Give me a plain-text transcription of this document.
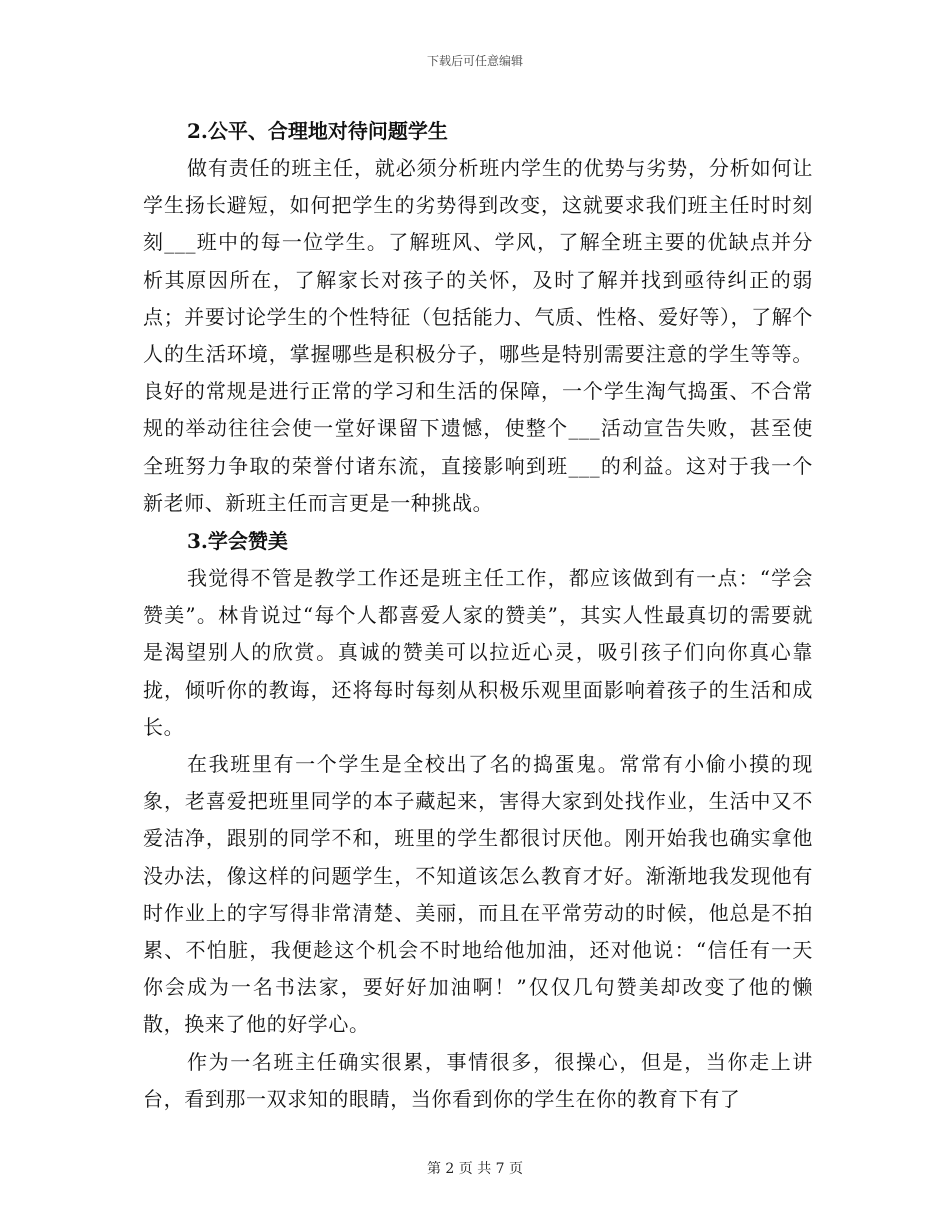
下载后可任意编辑
2.公平、合理地对待问题学生

做有责任的班主任，就必须分析班内学生的优势与劣势，分析如何让学生扬长避短，如何把学生的劣势得到改变，这就要求我们班主任时时刻刻___班中的每一位学生。了解班风、学风，了解全班主要的优缺点并分析其原因所在，了解家长对孩子的关怀，及时了解并找到亟待纠正的弱点；并要讨论学生的个性特征（包括能力、气质、性格、爱好等），了解个人的生活环境，掌握哪些是积极分子，哪些是特别需要注意的学生等等。良好的常规是进行正常的学习和生活的保障，一个学生淘气捣蛋、不合常规的举动往往会使一堂好课留下遗憾，使整个___活动宣告失败，甚至使全班努力争取的荣誉付诸东流，直接影响到班___的利益。这对于我一个新老师、新班主任而言更是一种挑战。

3.学会赞美

我觉得不管是教学工作还是班主任工作，都应该做到有一点：“学会赞美”。林肯说过“每个人都喜爱人家的赞美”，其实人性最真切的需要就是渴望别人的欣赏。真诚的赞美可以拉近心灵，吸引孩子们向你真心靠拢，倾听你的教诲，还将每时每刻从积极乐观里面影响着孩子的生活和成长。

在我班里有一个学生是全校出了名的捣蛋鬼。常常有小偷小摸的现象，老喜爱把班里同学的本子藏起来，害得大家到处找作业，生活中又不爱洁净，跟别的同学不和，班里的学生都很讨厌他。刚开始我也确实拿他没办法，像这样的问题学生，不知道该怎么教育才好。渐渐地我发现他有时作业上的字写得非常清楚、美丽，而且在平常劳动的时候，他总是不拍累、不怕脏，我便趁这个机会不时地给他加油，还对他说：“信任有一天你会成为一名书法家，要好好加油啊！”仅仅几句赞美却改变了他的懒散，换来了他的好学心。

作为一名班主任确实很累，事情很多，很操心，但是，当你走上讲台，看到那一双求知的眼睛，当你看到你的学生在你的教育下有了

第 2 页 共 7 页
